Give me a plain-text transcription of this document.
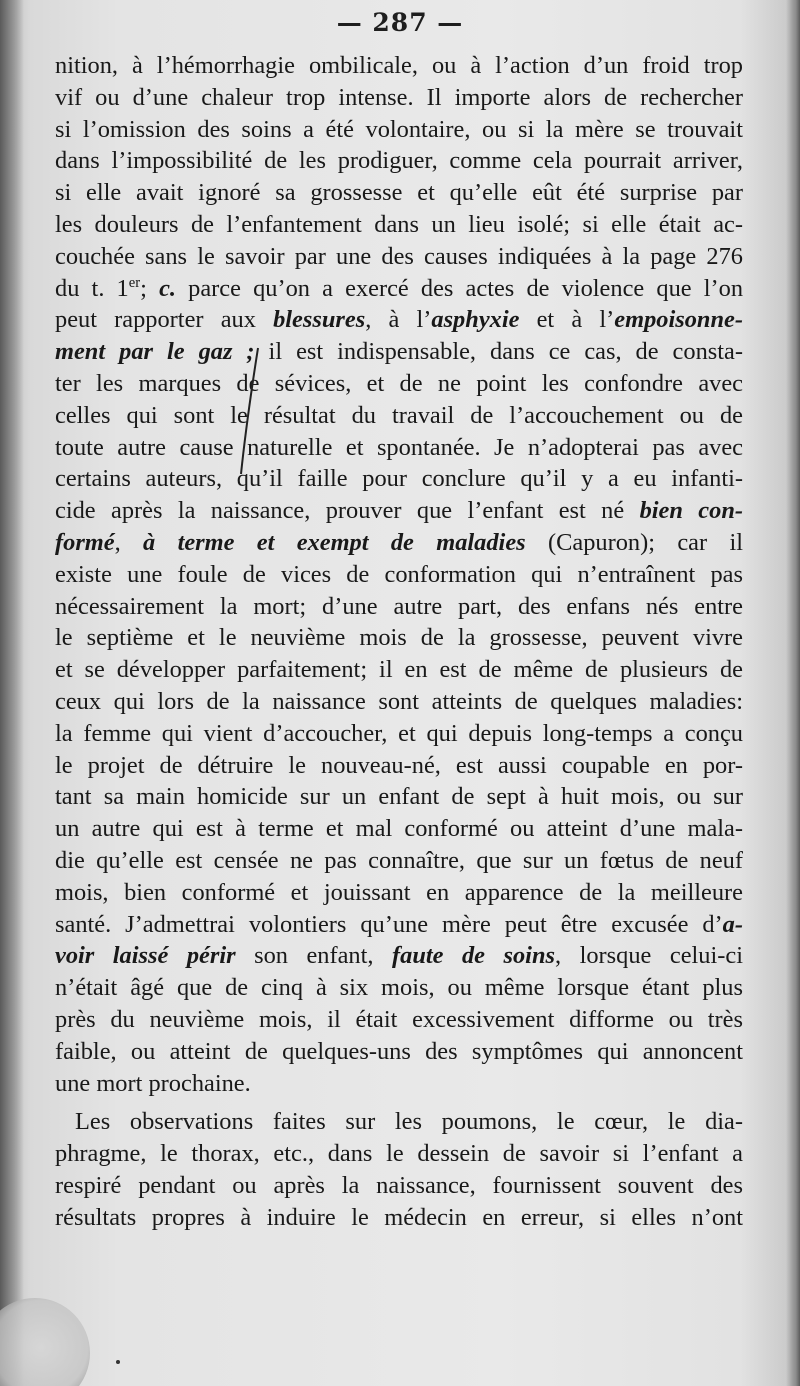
— 287 —
nition, à l’hémorrhagie ombilicale, ou à l’action d’un froid trop
vif ou d’une chaleur trop intense. Il importe alors de rechercher
si l’omission des soins a été volontaire, ou si la mère se trouvait
dans l’impossibilité de les prodiguer, comme cela pourrait arriver,
si elle avait ignoré sa grossesse et qu’elle eût été surprise par
les douleurs de l’enfantement dans un lieu isolé; si elle était ac-
couchée sans le savoir par une des causes indiquées à la page 276
du t. 1er; c. parce qu’on a exercé des actes de violence que l’on
peut rapporter aux blessures, à l’asphyxie et à l’empoisonne-
ment par le gaz ; il est indispensable, dans ce cas, de consta-
ter les marques de sévices, et de ne point les confondre avec
celles qui sont le résultat du travail de l’accouchement ou de
toute autre cause naturelle et spontanée. Je n’adopterai pas avec
certains auteurs, qu’il faille pour conclure qu’il y a eu infanti-
cide après la naissance, prouver que l’enfant est né bien con-
formé, à terme et exempt de maladies (Capuron); car il
existe une foule de vices de conformation qui n’entraînent pas
nécessairement la mort; d’une autre part, des enfans nés entre
le septième et le neuvième mois de la grossesse, peuvent vivre
et se développer parfaitement; il en est de même de plusieurs de
ceux qui lors de la naissance sont atteints de quelques maladies:
la femme qui vient d’accoucher, et qui depuis long-temps a conçu
le projet de détruire le nouveau-né, est aussi coupable en por-
tant sa main homicide sur un enfant de sept à huit mois, ou sur
un autre qui est à terme et mal conformé ou atteint d’une mala-
die qu’elle est censée ne pas connaître, que sur un fœtus de neuf
mois, bien conformé et jouissant en apparence de la meilleure
santé. J’admettrai volontiers qu’une mère peut être excusée d’a-
voir laissé périr son enfant, faute de soins, lorsque celui-ci
n’était âgé que de cinq à six mois, ou même lorsque étant plus
près du neuvième mois, il était excessivement difforme ou très
faible, ou atteint de quelques-uns des symptômes qui annoncent
une mort prochaine.
Les observations faites sur les poumons, le cœur, le dia-
phragme, le thorax, etc., dans le dessein de savoir si l’enfant a
respiré pendant ou après la naissance, fournissent souvent des
résultats propres à induire le médecin en erreur, si elles n’ont
